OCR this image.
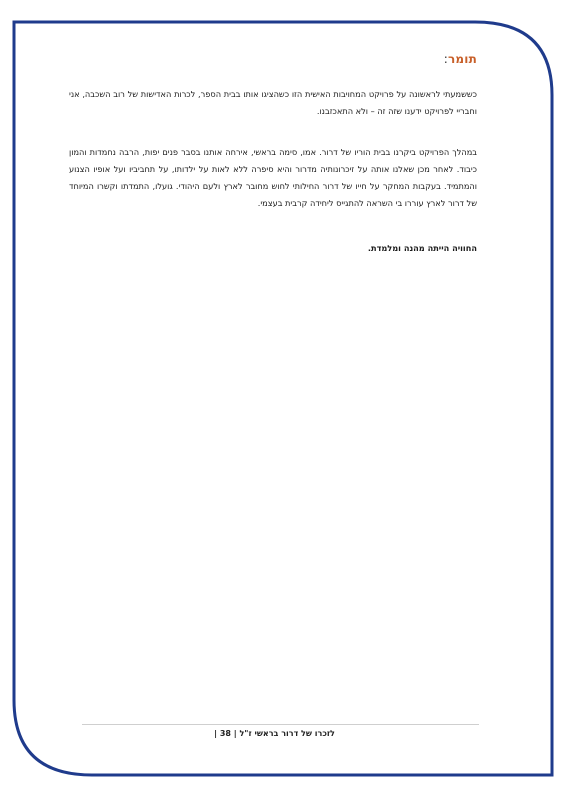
תומר:

כששמעתי לראשונה על פרויקט המחויבות האישית הזו כשהציגו אותו בבית הספר, לכרות האדישות של רוב השכבה, אני וחבריי לפרויקט ידענו שזה זה – ולא התאכזבנו.

במהלך הפרויקט ביקרנו בבית הוריו של דרור. אמו, סימה בראשי, אירחה אותנו בסבר פנים יפות, הרבה נחמדות והמון כיבוד. לאחר מכן שאלנו אותה על זיכרונותיה מדרור והיא סיפרה ללא לאות על ילדותו, על תחביביו ועל אופיו הצנוע והמתמיד. בעקבות המחקר על חייו של דרור החילותי לחוש מחובר לארץ ולעם היהודי. גועלו, התמדתו וקשרו המיוחד של דרור לארץ עוררו בי השראה להתגייס ליחידה קרבית בעצמי.

החוויה הייתה מהנה ומלמדת.

לזכרו של דרור בראשי ז"ל | 38 |
